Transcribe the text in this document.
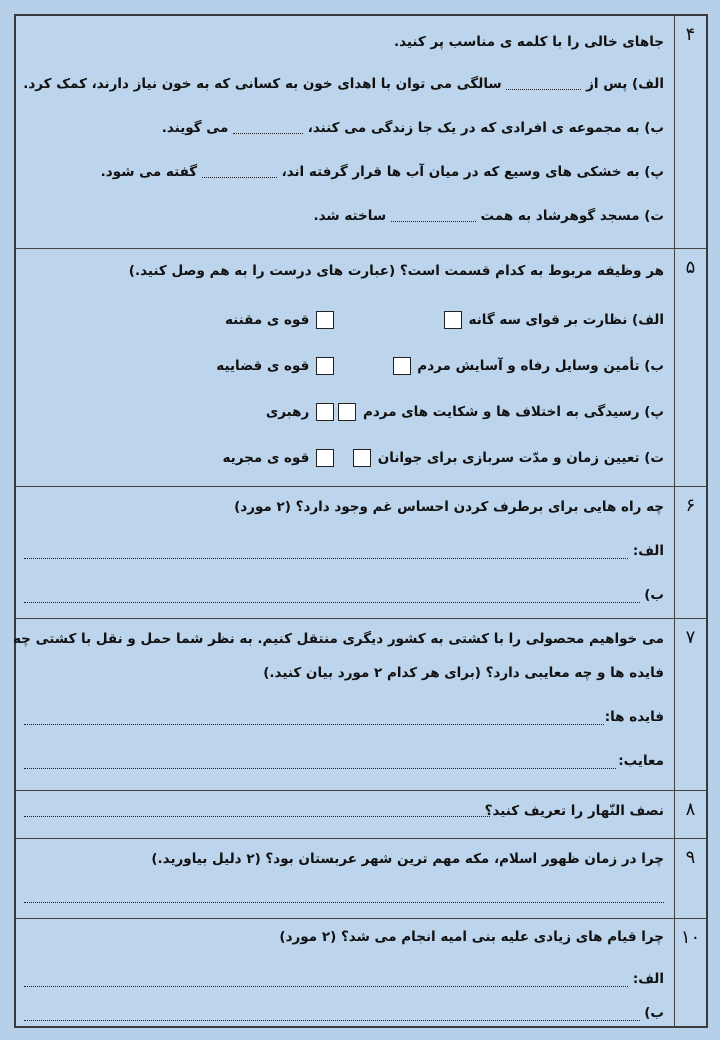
۴
جاهای خالی را با کلمه ی مناسب پر کنید.
الف) پس از  سالگی می توان با اهدای خون به کسانی که به خون نیاز دارند، کمک کرد.
ب) به مجموعه ی افرادی که در یک جا زندگی می کنند،  می گویند.
پ) به خشکی های وسیع که در میان آب ها قرار گرفته اند،  گفته می شود.
ت) مسجد گوهرشاد به همت  ساخته شد.
۵
هر وظیفه مربوط به کدام قسمت است؟ (عبارت های درست را به هم وصل کنید.)
الف) نظارت بر قوای سه گانه
قوه ی مقننه
ب) تأمین وسایل رفاه و آسایش مردم
قوه ی قضاییه
پ) رسیدگی به اختلاف ها و شکایت های مردم
رهبری
ت) تعیین زمان و مدّت سربازی برای جوانان
قوه ی مجریه
۶
چه راه هایی برای برطرف کردن احساس غم وجود دارد؟ (۲ مورد)
الف:
ب)
۷
می خواهیم محصولی را با کشتی به کشور دیگری منتقل کنیم. به نظر شما حمل و نقل با کشتی چه
فایده ها و چه معایبی دارد؟ (برای هر کدام ۲ مورد بیان کنید.)
فایده ها:
معایب:
۸
نصف النّهار را تعریف کنید؟
۹
چرا در زمان ظهور اسلام، مکه مهم ترین شهر عربستان بود؟ (۲ دلیل بیاورید.)
۱۰
چرا قیام های زیادی علیه بنی امیه انجام می شد؟ (۲ مورد)
الف:
ب)
